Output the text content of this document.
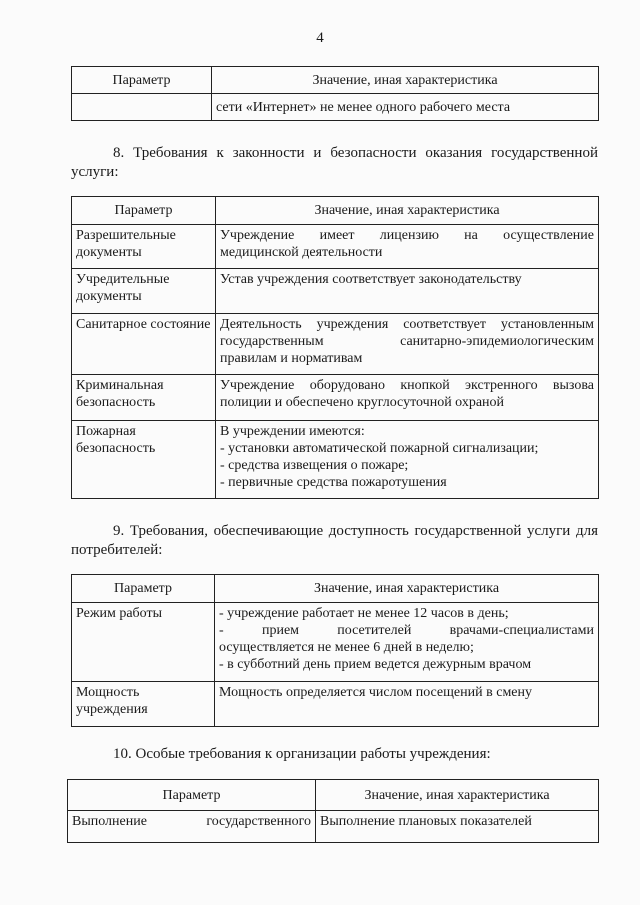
4
Параметр	Значение, иная характеристика
	сети «Интернет» не менее одного рабочего места
8. Требования к законности и безопасности оказания государственной
услуги:
Параметр	Значение, иная характеристика
Разрешительные документы	Учреждение имеет лицензию на осуществление
медицинской деятельности

Учредительные документы	Устав учреждения соответствует законодательству

Санитарное состояние	Деятельность учреждения соответствует установленным
государственным санитарно-эпидемиологическим
правилам и нормативам

Криминальная безопасность	Учреждение оборудовано кнопкой экстренного вызова
полиции и обеспечено круглосуточной охраной

Пожарная безопасность	В учреждении имеются:
- установки автоматической пожарной сигнализации;
- средства извещения о пожаре;
- первичные средства пожаротушения
9. Требования, обеспечивающие доступность государственной услуги для
потребителей:
Параметр	Значение, иная характеристика
Режим работы	- учреждение работает не менее 12 часов в день;
- прием посетителей врачами-специалистами
осуществляется не менее 6 дней в неделю;
- в субботний день прием ведется дежурным врачом

Мощность учреждения	Мощность определяется числом посещений в смену
10. Особые требования к организации работы учреждения:
Параметр	Значение, иная характеристика

Выполнение государственного	Выполнение плановых показателей
